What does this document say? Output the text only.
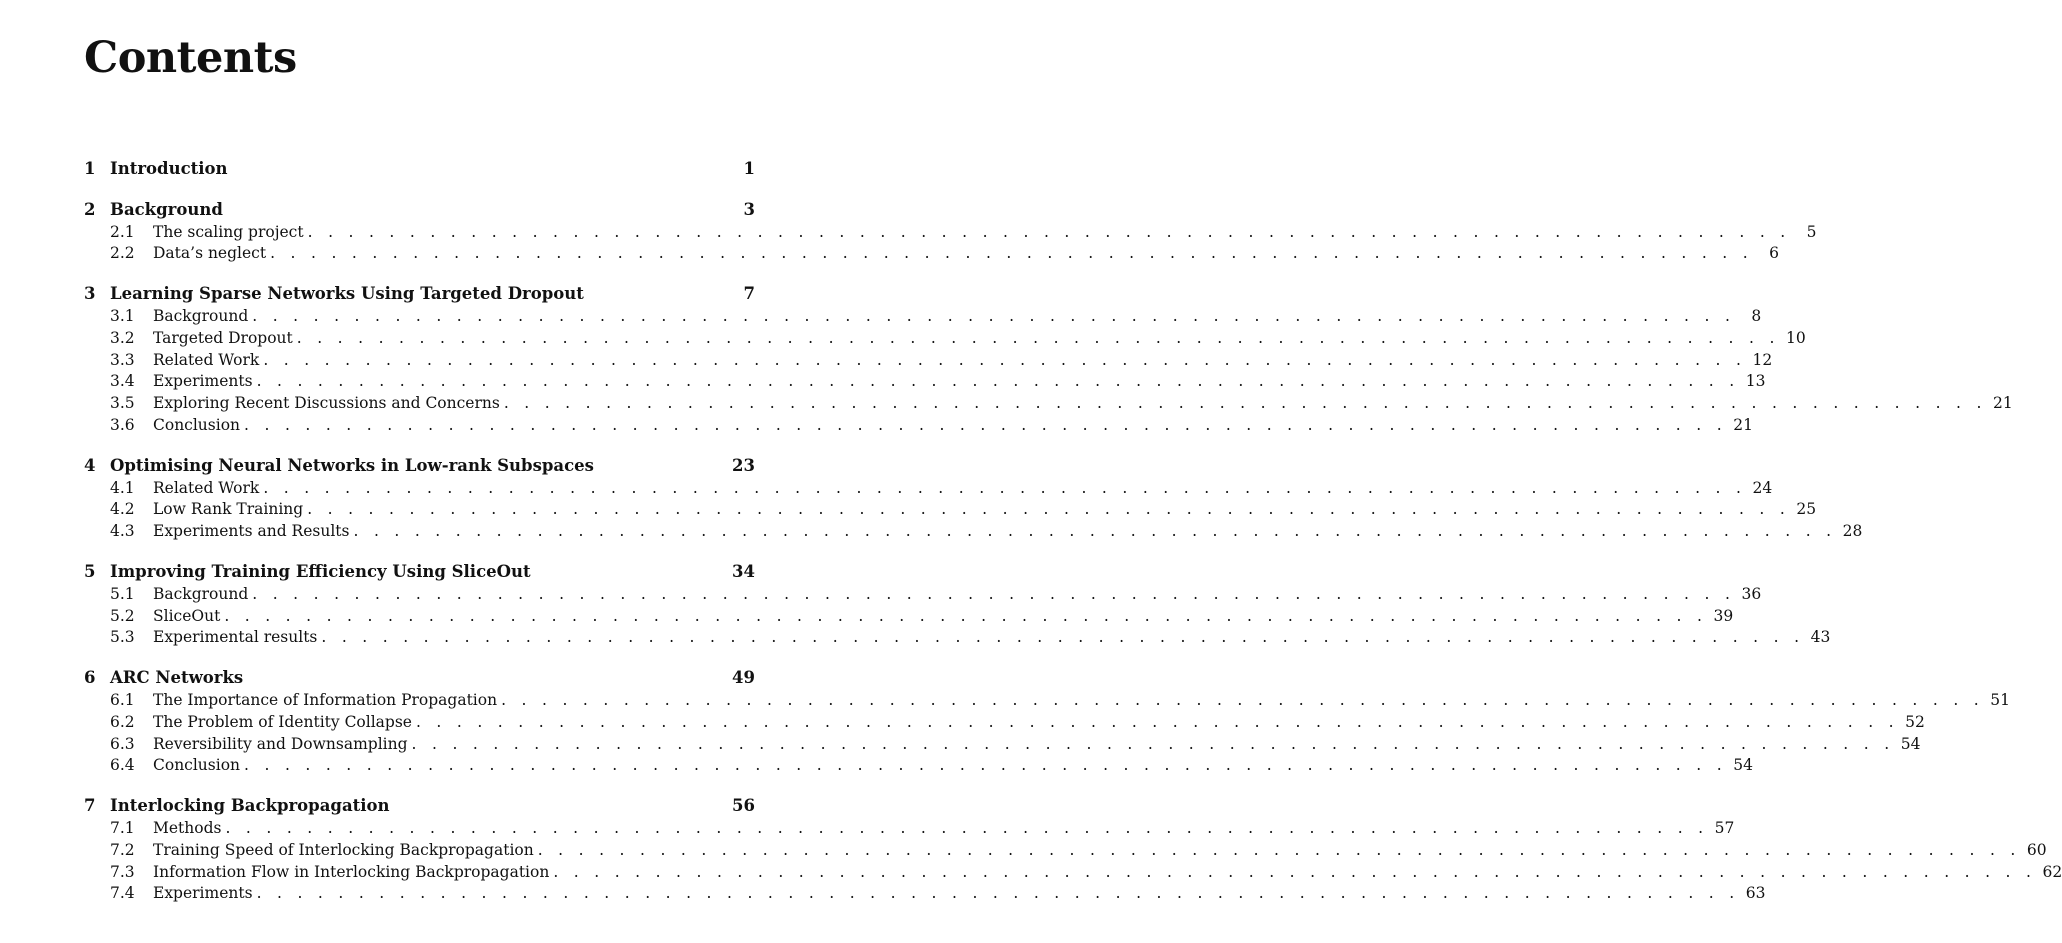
Contents
1 Introduction	1
2 Background	3
2.1 The scaling project . . . . . . . . . . . . . . . . . . . . . . . . . . . . . . . . . . . . . . . . . . . . . . . . . . . . . . . . . . . . . . . . . . . . . . . . .	5
2.2 Data’s neglect . . . . . . . . . . . . . . . . . . . . . . . . . . . . . . . . . . . . . . . . . . . . . . . . . . . . . . . . . . . . . . . . . . . . . . . . .	6
3 Learning Sparse Networks Using Targeted Dropout	7
3.1 Background . . . . . . . . . . . . . . . . . . . . . . . . . . . . . . . . . . . . . . . . . . . . . . . . . . . . . . . . . . . . . . . . . . . . . . . . .	8
3.2 Targeted Dropout . . . . . . . . . . . . . . . . . . . . . . . . . . . . . . . . . . . . . . . . . . . . . . . . . . . . . . . . . . . . . . . . . . . . . . . . . 10
3.3 Related Work . . . . . . . . . . . . . . . . . . . . . . . . . . . . . . . . . . . . . . . . . . . . . . . . . . . . . . . . . . . . . . . . . . . . . . . . . 12
3.4 Experiments . . . . . . . . . . . . . . . . . . . . . . . . . . . . . . . . . . . . . . . . . . . . . . . . . . . . . . . . . . . . . . . . . . . . . . . . . 13
3.5 Exploring Recent Discussions and Concerns . . . . . . . . . . . . . . . . . . . . . . . . . . . . . . . . . . . . . . . . . . . . . . . . . . . . . . . . . . . . . . . . . . . . . . . . . 21
3.6 Conclusion . . . . . . . . . . . . . . . . . . . . . . . . . . . . . . . . . . . . . . . . . . . . . . . . . . . . . . . . . . . . . . . . . . . . . . . . . 21
4 Optimising Neural Networks in Low-rank Subspaces	23
4.1 Related Work . . . . . . . . . . . . . . . . . . . . . . . . . . . . . . . . . . . . . . . . . . . . . . . . . . . . . . . . . . . . . . . . . . . . . . . . . 24
4.2 Low Rank Training . . . . . . . . . . . . . . . . . . . . . . . . . . . . . . . . . . . . . . . . . . . . . . . . . . . . . . . . . . . . . . . . . . . . . . . . . 25
4.3 Experiments and Results . . . . . . . . . . . . . . . . . . . . . . . . . . . . . . . . . . . . . . . . . . . . . . . . . . . . . . . . . . . . . . . . . . . . . . . . . 28
5 Improving Training Efficiency Using SliceOut	34
5.1 Background . . . . . . . . . . . . . . . . . . . . . . . . . . . . . . . . . . . . . . . . . . . . . . . . . . . . . . . . . . . . . . . . . . . . . . . . . 36
5.2 SliceOut . . . . . . . . . . . . . . . . . . . . . . . . . . . . . . . . . . . . . . . . . . . . . . . . . . . . . . . . . . . . . . . . . . . . . . . . . 39
5.3 Experimental results . . . . . . . . . . . . . . . . . . . . . . . . . . . . . . . . . . . . . . . . . . . . . . . . . . . . . . . . . . . . . . . . . . . . . . . . . 43
6 ARC Networks	49
6.1 The Importance of Information Propagation . . . . . . . . . . . . . . . . . . . . . . . . . . . . . . . . . . . . . . . . . . . . . . . . . . . . . . . . . . . . . . . . . . . . . . . . . 51
6.2 The Problem of Identity Collapse . . . . . . . . . . . . . . . . . . . . . . . . . . . . . . . . . . . . . . . . . . . . . . . . . . . . . . . . . . . . . . . . . . . . . . . . . 52
6.3 Reversibility and Downsampling . . . . . . . . . . . . . . . . . . . . . . . . . . . . . . . . . . . . . . . . . . . . . . . . . . . . . . . . . . . . . . . . . . . . . . . . . 54
6.4 Conclusion . . . . . . . . . . . . . . . . . . . . . . . . . . . . . . . . . . . . . . . . . . . . . . . . . . . . . . . . . . . . . . . . . . . . . . . . . 54
7 Interlocking Backpropagation	56
7.1 Methods . . . . . . . . . . . . . . . . . . . . . . . . . . . . . . . . . . . . . . . . . . . . . . . . . . . . . . . . . . . . . . . . . . . . . . . . . 57
7.2 Training Speed of Interlocking Backpropagation . . . . . . . . . . . . . . . . . . . . . . . . . . . . . . . . . . . . . . . . . . . . . . . . . . . . . . . . . . . . . . . . . . . . . . . . . 60
7.3 Information Flow in Interlocking Backpropagation . . . . . . . . . . . . . . . . . . . . . . . . . . . . . . . . . . . . . . . . . . . . . . . . . . . . . . . . . . . . . . . . . . . . . . . . . 62
7.4 Experiments . . . . . . . . . . . . . . . . . . . . . . . . . . . . . . . . . . . . . . . . . . . . . . . . . . . . . . . . . . . . . . . . . . . . . . . . . 63
